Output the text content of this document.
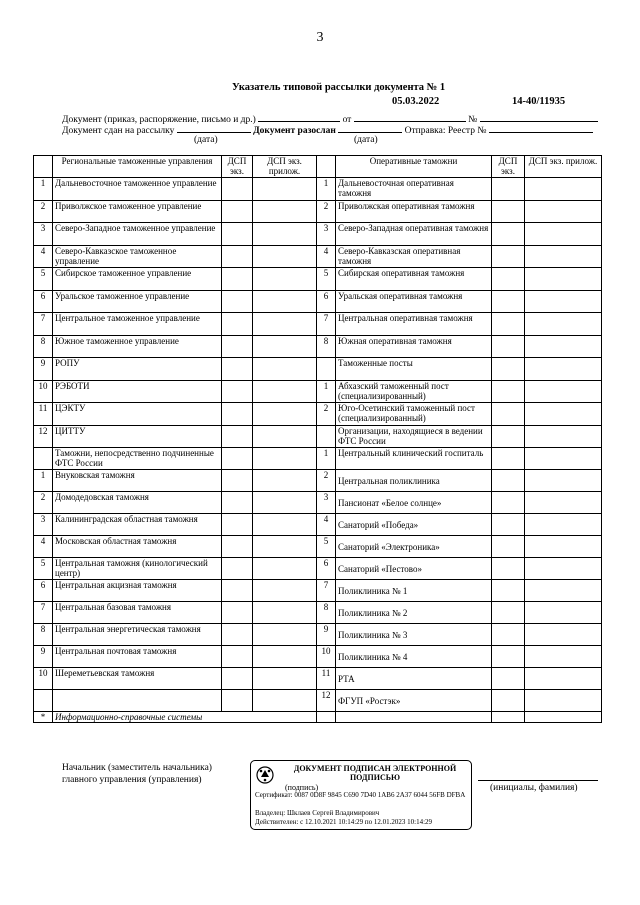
3
Указатель типовой рассылки документа № 1
05.03.2022	14-40/11935
Документ (приказ, распоряжение, письмо и др.)	от	№
Документ сдан на рассылку	Документ разослан	Отправка: Реестр №
(дата)	(дата)
	Региональные таможенные управления	ДСП экз.	ДСП экз. прилож.		Оперативные таможни	ДСП экз.	ДСП экз. прилож.
1	Дальневосточное таможенное управление			1	Дальневосточная оперативная таможня		
2	Приволжское таможенное управление			2	Приволжская оперативная таможня		
3	Северо-Западное таможенное управление			3	Северо-Западная оперативная таможня		
4	Северо-Кавказское таможенное управление			4	Северо-Кавказская оперативная таможня		
5	Сибирское таможенное управление			5	Сибирская оперативная таможня		
6	Уральское таможенное управление			6	Уральская оперативная таможня		
7	Центральное таможенное управление			7	Центральная оперативная таможня		
8	Южное таможенное управление			8	Южная оперативная таможня		
9	РОПУ				Таможенные посты		
10	РЭБОТИ			1	Абхазский таможенный пост (специализированный)		
11	ЦЭКТУ			2	Юго-Осетинский таможенный пост (специализированный)		
12	ЦИТТУ				Организации, находящиеся в ведении ФТС России		
	Таможни, непосредственно подчиненные ФТС России			1	Центральный клинический госпиталь		
1	Внуковская таможня			2	Центральная поликлиника		
2	Домодедовская таможня			3	Пансионат «Белое солнце»		
3	Калининградская областная таможня			4	Санаторий «Победа»		
4	Московская областная таможня			5	Санаторий «Электроника»		
5	Центральная таможня (кинологический центр)			6	Санаторий «Пестово»		
6	Центральная акцизная таможня			7	Поликлиника № 1		
7	Центральная базовая таможня			8	Поликлиника № 2		
8	Центральная энергетическая таможня			9	Поликлиника № 3		
9	Центральная почтовая таможня			10	Поликлиника № 4		
10	Шереметьевская таможня			11	РТА		
				12	ФГУП «Ростэк»		
*	Информационно-справочные системы						
Начальник (заместитель начальника)
главного управления (управления)
ДОКУМЕНТ ПОДПИСАН ЭЛЕКТРОННОЙ ПОДПИСЬЮ
(подпись)
Сертификат: 0087 0D8F 9845 C690 7D40 1AB6 2A37 6044 56FB DFBA
Владелец: Шклаев Сергей Владимирович
Действителен: с 12.10.2021 10:14:29 по 12.01.2023 10:14:29
(инициалы, фамилия)
